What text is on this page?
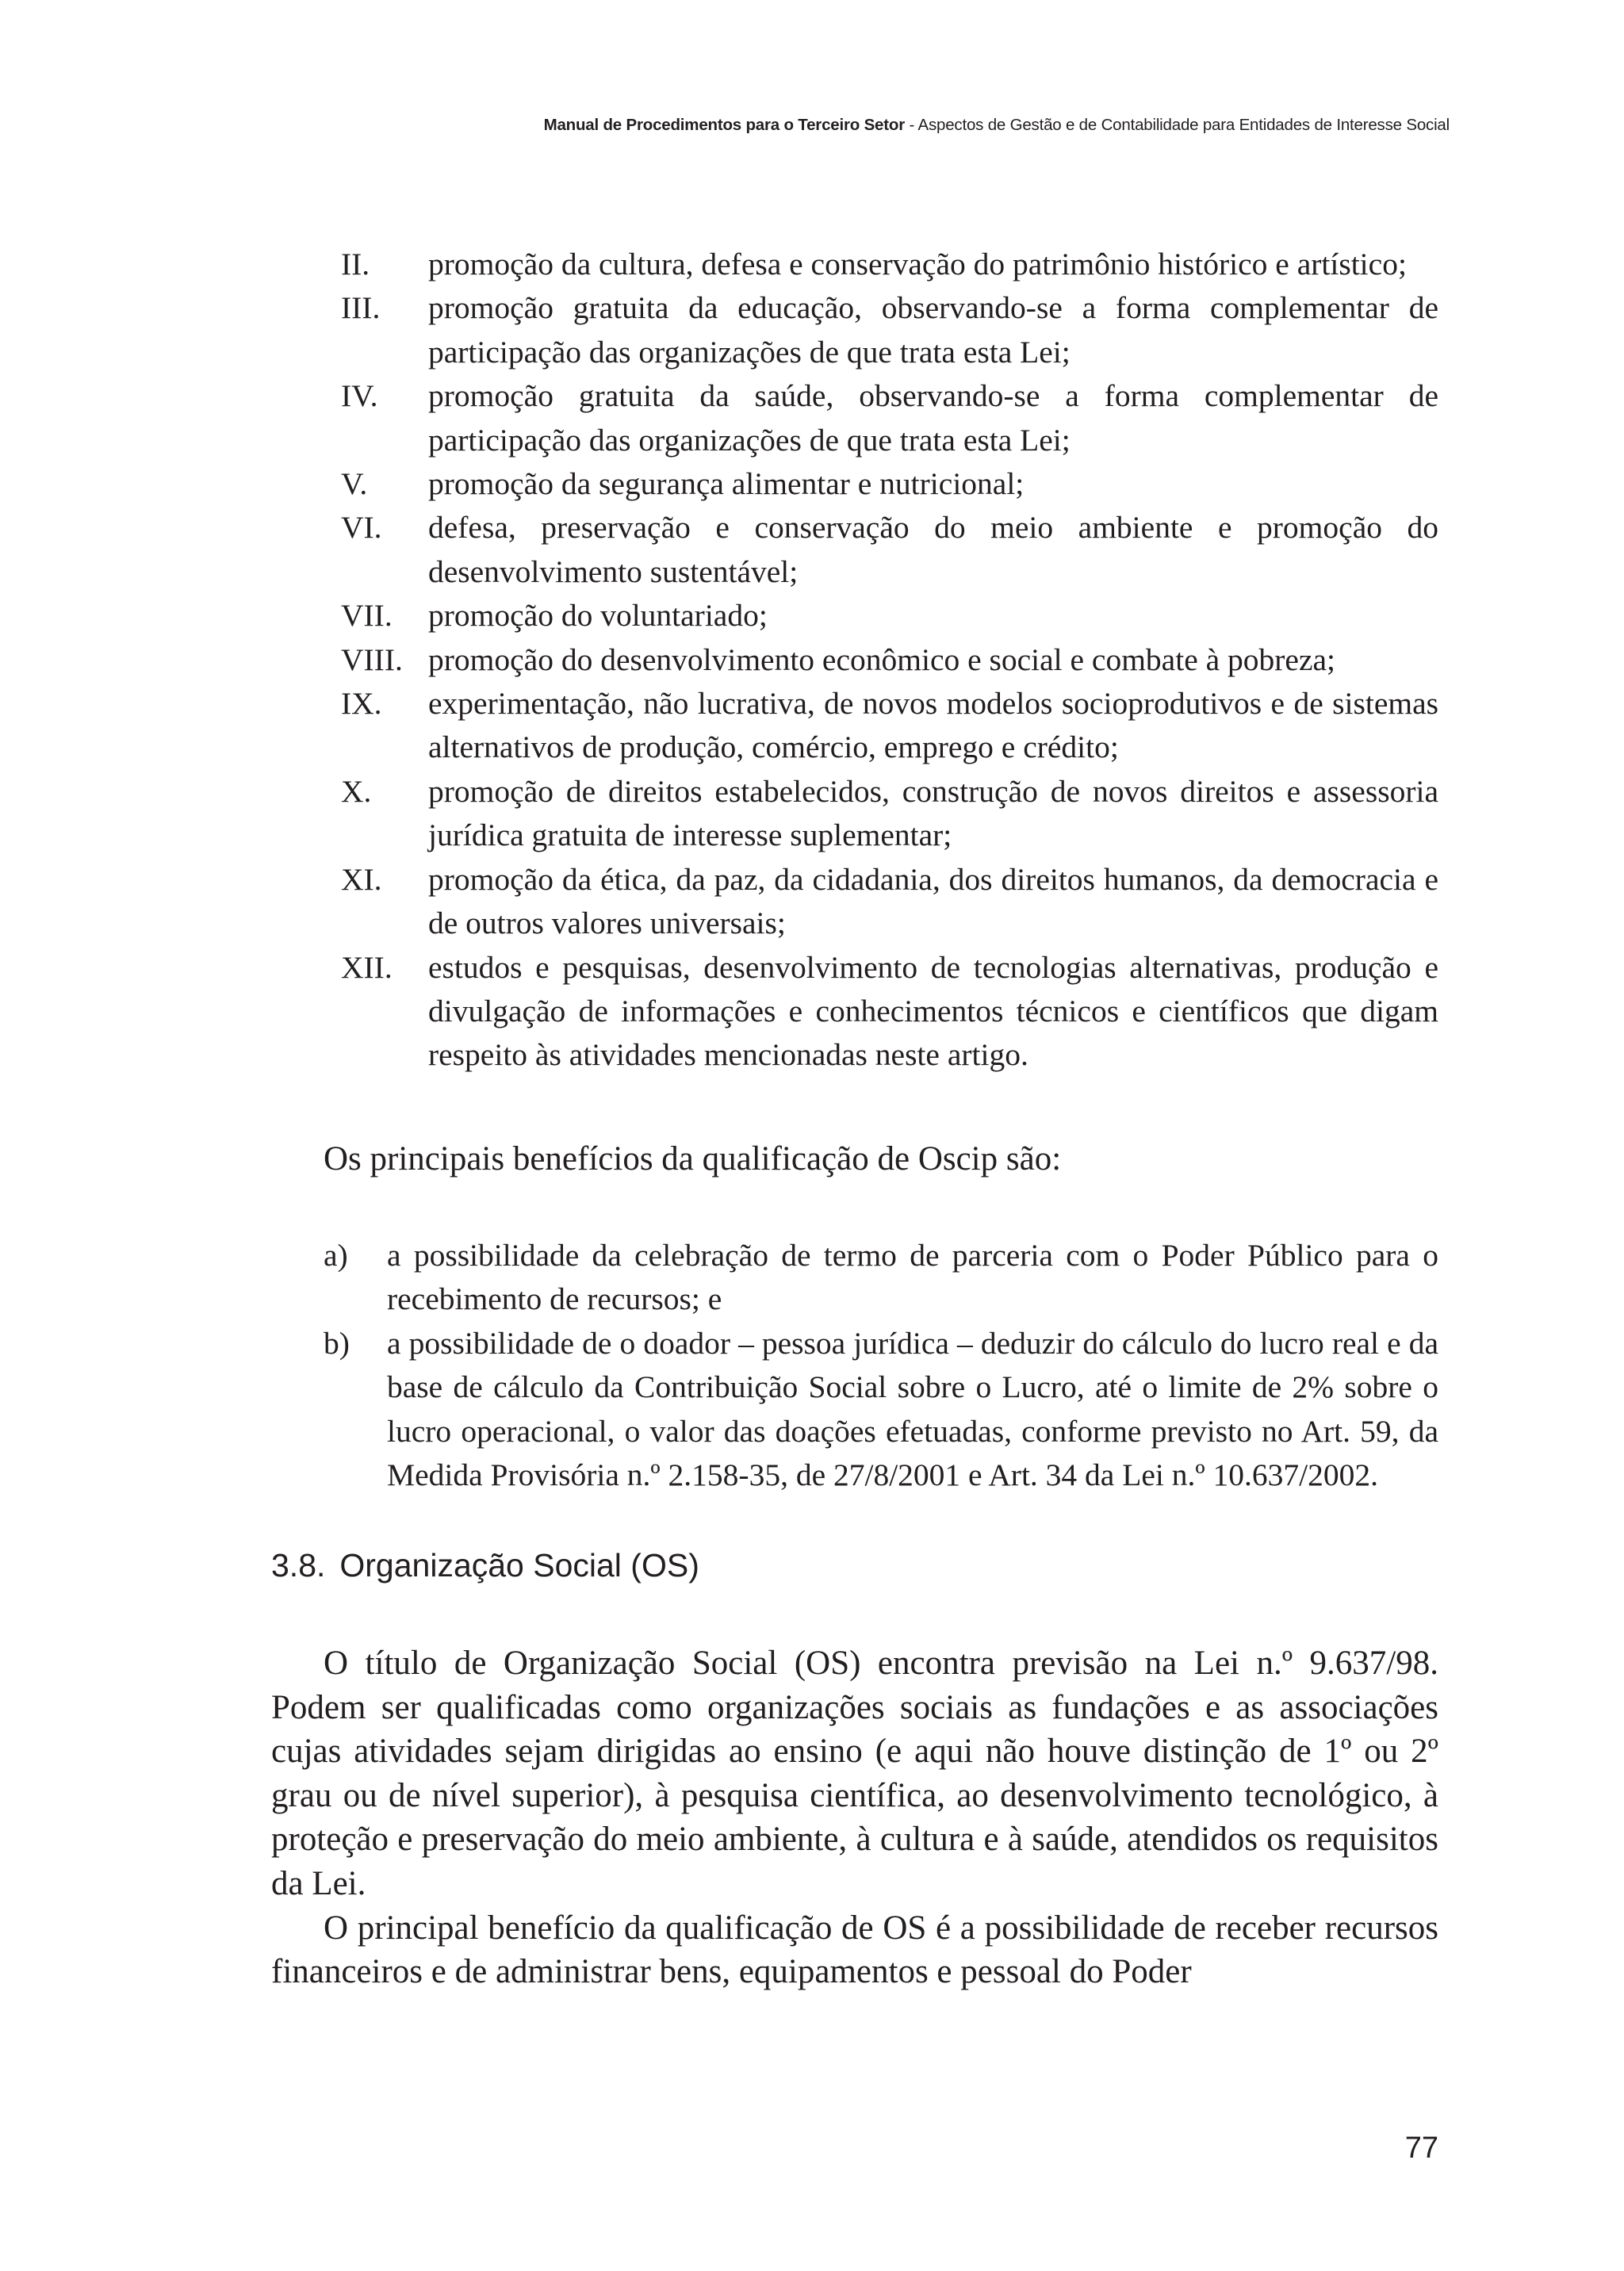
Manual de Procedimentos para o Terceiro Setor - Aspectos de Gestão e de Contabilidade para Entidades de Interesse Social
II.	promoção da cultura, defesa e conservação do patrimônio histórico e artístico;
III.	promoção gratuita da educação, observando-se a forma complementar de participação das organizações de que trata esta Lei;
IV.	promoção gratuita da saúde, observando-se a forma complementar de participação das organizações de que trata esta Lei;
V.	promoção da segurança alimentar e nutricional;
VI.	defesa, preservação e conservação do meio ambiente e promoção do desenvolvimento sustentável;
VII.	promoção do voluntariado;
VIII. promoção do desenvolvimento econômico e social e combate à pobreza;
IX.	experimentação, não lucrativa, de novos modelos socioprodutivos e de sistemas alternativos de produção, comércio, emprego e crédito;
X.	promoção de direitos estabelecidos, construção de novos direitos e assessoria jurídica gratuita de interesse suplementar;
XI.	promoção da ética, da paz, da cidadania, dos direitos humanos, da democracia e de outros valores universais;
XII.	estudos e pesquisas, desenvolvimento de tecnologias alternativas, produção e divulgação de informações e conhecimentos técnicos e científicos que digam respeito às atividades mencionadas neste artigo.
Os principais benefícios da qualificação de Oscip são:
a)	a possibilidade da celebração de termo de parceria com o Poder Público para o recebimento de recursos; e
b)	a possibilidade de o doador – pessoa jurídica – deduzir do cálculo do lucro real e da base de cálculo da Contribuição Social sobre o Lucro, até o limite de 2% sobre o lucro operacional, o valor das doações efetuadas, conforme previsto no Art. 59, da Medida Provisória n.º 2.158-35, de 27/8/2001 e Art. 34 da Lei n.º 10.637/2002.
3.8. Organização Social (OS)

O título de Organização Social (OS) encontra previsão na Lei n.º 9.637/98. Podem ser qualificadas como organizações sociais as fundações e as associações cujas atividades sejam dirigidas ao ensino (e aqui não houve distinção de 1º ou 2º grau ou de nível superior), à pesquisa científica, ao desenvolvimento tecnológico, à proteção e preservação do meio ambiente, à cultura e à saúde, atendidos os requisitos da Lei.

O principal benefício da qualificação de OS é a possibilidade de receber recursos financeiros e de administrar bens, equipamentos e pessoal do Poder

77
